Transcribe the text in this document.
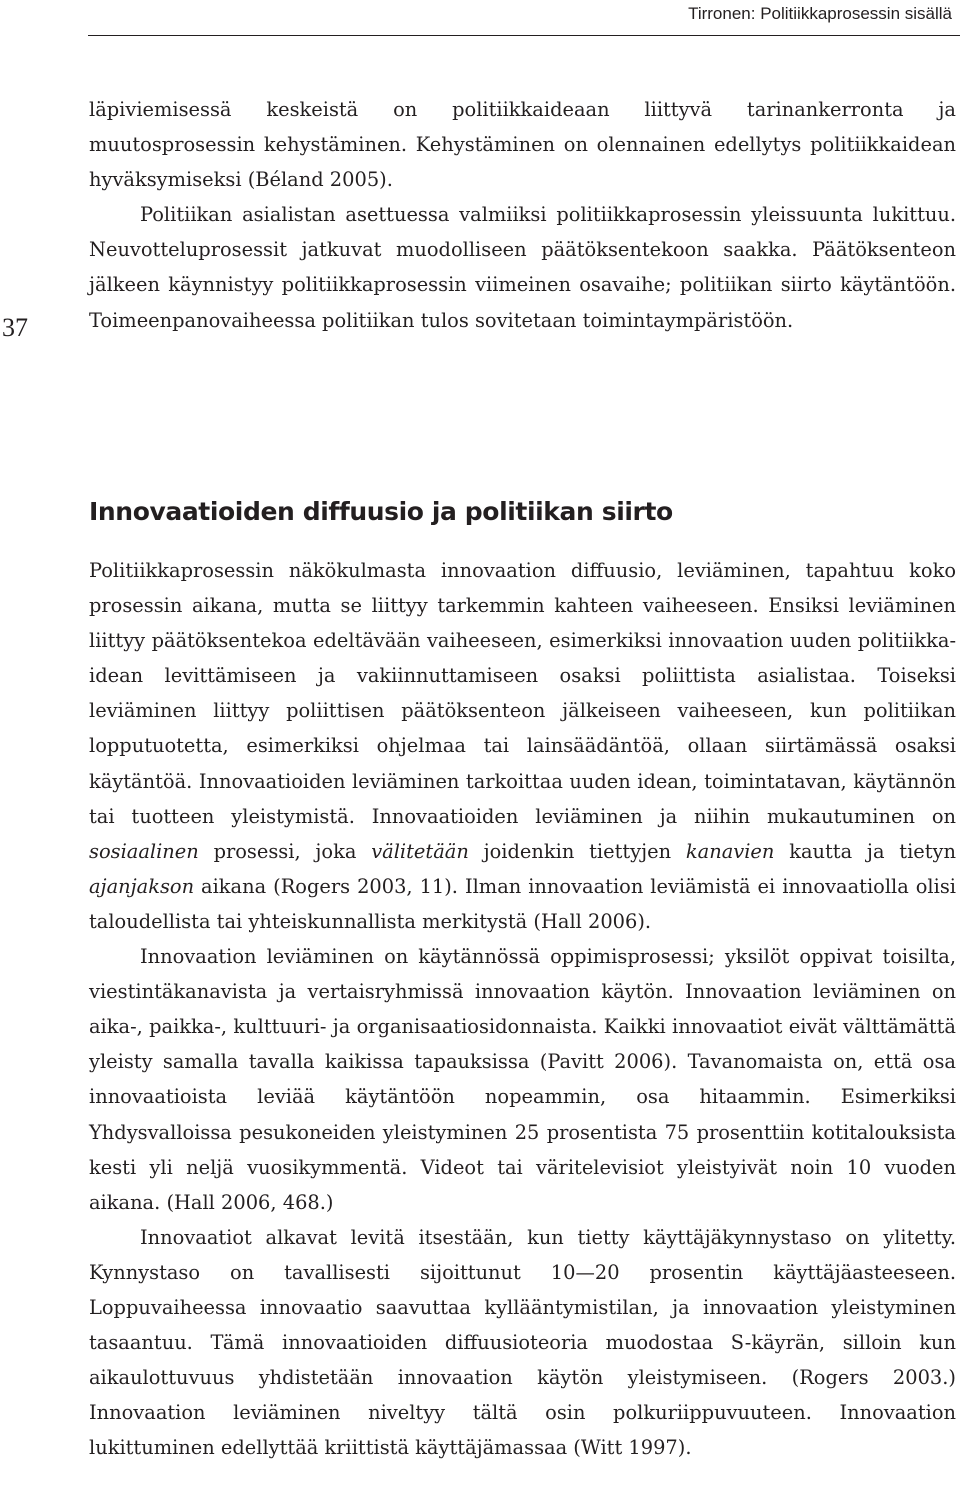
Tirronen: Politiikkaprosessin sisällä
37

läpiviemisessä keskeistä on politiikkaideaan liittyvä tarinankerronta ja muutosprosessin kehystäminen. Kehystäminen on olennainen edellytys politiikkaidean hyväksymiseksi (Béland 2005).

Politiikan asialistan asettuessa valmiiksi politiikkaprosessin yleissuunta lukittuu. Neuvotteluprosessit jatkuvat muodolliseen päätöksentekoon saakka. Päätöksenteon jälkeen käynnistyy politiikkaprosessin viimeinen osavaihe; politiikan siirto käytäntöön. Toimeenpanovaiheessa politiikan tulos sovitetaan toimintaympäristöön.

Innovaatioiden diffuusio ja politiikan siirto

Politiikkaprosessin näkökulmasta innovaation diffuusio, leviäminen, tapahtuu koko prosessin aikana, mutta se liittyy tarkemmin kahteen vaiheeseen. Ensiksi leviäminen liittyy päätöksentekoa edeltävään vaiheeseen, esimerkiksi innovaation uuden politiikka-idean levittämiseen ja vakiinnuttamiseen osaksi poliittista asialistaa. Toiseksi leviäminen liittyy poliittisen päätöksenteon jälkeiseen vaiheeseen, kun politiikan lopputuotetta, esimerkiksi ohjelmaa tai lainsäädäntöä, ollaan siirtämässä osaksi käytäntöä. Innovaatioiden leviäminen tarkoittaa uuden idean, toimintatavan, käytännön tai tuotteen yleistymistä. Innovaatioiden leviäminen ja niihin mukautuminen on sosiaalinen prosessi, joka välitetään joidenkin tiettyjen kanavien kautta ja tietyn ajanjakson aikana (Rogers 2003, 11). Ilman innovaation leviämistä ei innovaatiolla olisi taloudellista tai yhteiskunnallista merkitystä (Hall 2006).

Innovaation leviäminen on käytännössä oppimisprosessi; yksilöt oppivat toisilta, viestintäkanavista ja vertaisryhmissä innovaation käytön. Innovaation leviäminen on aika-, paikka-, kulttuuri- ja organisaatiosidonnaista. Kaikki innovaatiot eivät välttämättä yleisty samalla tavalla kaikissa tapauksissa (Pavitt 2006). Tavanomaista on, että osa innovaatioista leviää käytäntöön nopeammin, osa hitaammin. Esimerkiksi Yhdysvalloissa pesukoneiden yleistyminen 25 prosentista 75 prosenttiin kotitalouksista kesti yli neljä vuosikymmentä. Videot tai väritelevisiot yleistyivät noin 10 vuoden aikana. (Hall 2006, 468.)

Innovaatiot alkavat levitä itsestään, kun tietty käyttäjäkynnystaso on ylitetty. Kynnystaso on tavallisesti sijoittunut 10—20 prosentin käyttäjäasteeseen. Loppuvaiheessa innovaatio saavuttaa kyllääntymistilan, ja innovaation yleistyminen tasaantuu. Tämä innovaatioiden diffuusioteoria muodostaa S-käyrän, silloin kun aikaulottuvuus yhdistetään innovaation käytön yleistymiseen. (Rogers 2003.) Innovaation leviäminen niveltyy tältä osin polkuriippuvuuteen. Innovaation lukittuminen edellyttää kriittistä käyttäjämassaa (Witt 1997).
